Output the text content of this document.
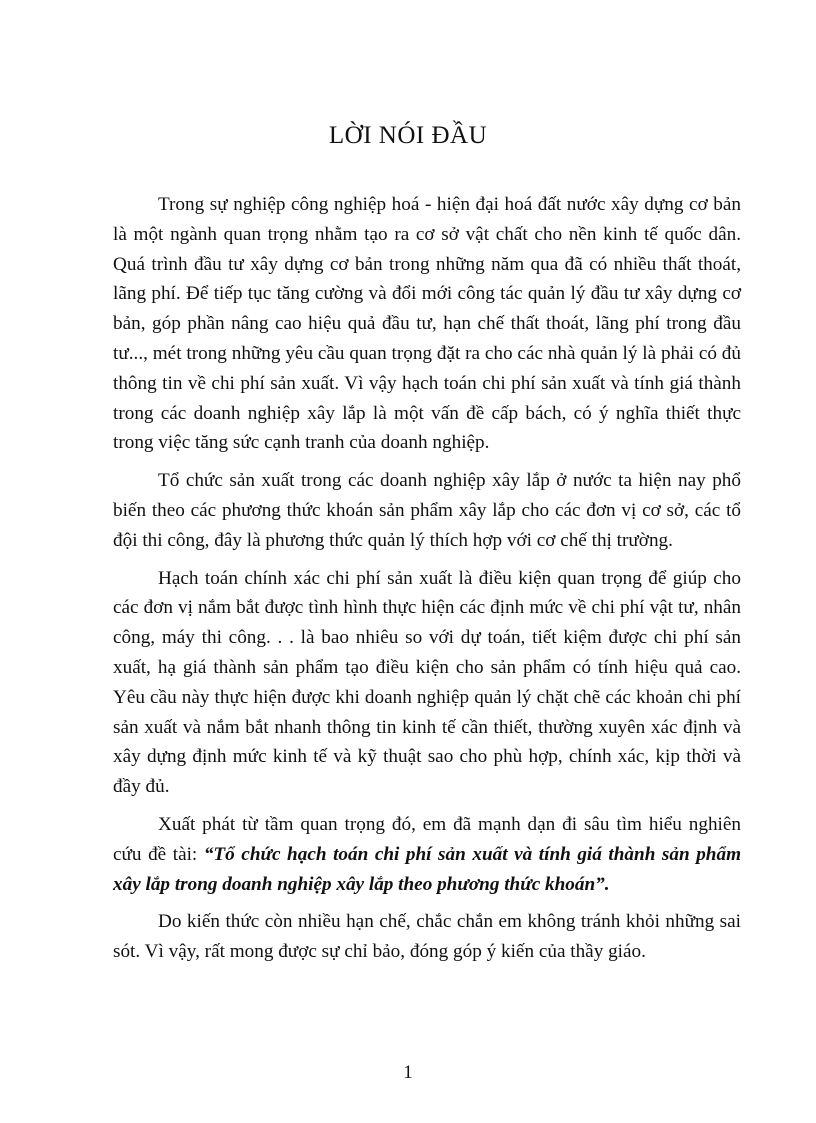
LỜI NÓI ĐẦU

Trong sự nghiệp công nghiệp hoá - hiện đại hoá đất nước xây dựng cơ bản là một ngành quan trọng nhằm tạo ra cơ sở vật chất cho nền kinh tế quốc dân. Quá trình đầu tư xây dựng cơ bản trong những năm qua đã có nhiều thất thoát, lãng phí. Để tiếp tục tăng cường và đổi mới công tác quản lý đầu tư xây dựng cơ bản, góp phần nâng cao hiệu quả đầu tư, hạn chế thất thoát, lãng phí trong đầu tư..., mét trong những yêu cầu quan trọng đặt ra cho các nhà quản lý là phải có đủ thông tin về chi phí sản xuất. Vì vậy hạch toán chi phí sản xuất và tính giá thành trong các doanh nghiệp xây lắp là một vấn đề cấp bách, có ý nghĩa thiết thực trong việc tăng sức cạnh tranh của doanh nghiệp.

Tổ chức sản xuất trong các doanh nghiệp xây lắp ở nước ta hiện nay phổ biến theo các phương thức khoán sản phẩm xây lắp cho các đơn vị cơ sở, các tổ đội thi công, đây là phương thức quản lý thích hợp với cơ chế thị trường.

Hạch toán chính xác chi phí sản xuất là điều kiện quan trọng để giúp cho các đơn vị nắm bắt được tình hình thực hiện các định mức về chi phí vật tư, nhân công, máy thi công. . . là bao nhiêu so với dự toán, tiết kiệm được chi phí sản xuất, hạ giá thành sản phẩm tạo điều kiện cho sản phẩm có tính hiệu quả cao. Yêu cầu này thực hiện được khi doanh nghiệp quản lý chặt chẽ các khoản chi phí sản xuất và nắm bắt nhanh thông tin kinh tế cần thiết, thường xuyên xác định và xây dựng định mức kinh tế và kỹ thuật sao cho phù hợp, chính xác, kịp thời và đầy đủ.

Xuất phát từ tầm quan trọng đó, em đã mạnh dạn đi sâu tìm hiểu nghiên cứu đề tài: “Tổ chức hạch toán chi phí sản xuất và tính giá thành sản phẩm xây lắp trong doanh nghiệp xây lắp theo phương thức khoán”.

Do kiến thức còn nhiều hạn chế, chắc chắn em không tránh khỏi những sai sót. Vì vậy, rất mong được sự chỉ bảo, đóng góp ý kiến của thầy giáo.

1
